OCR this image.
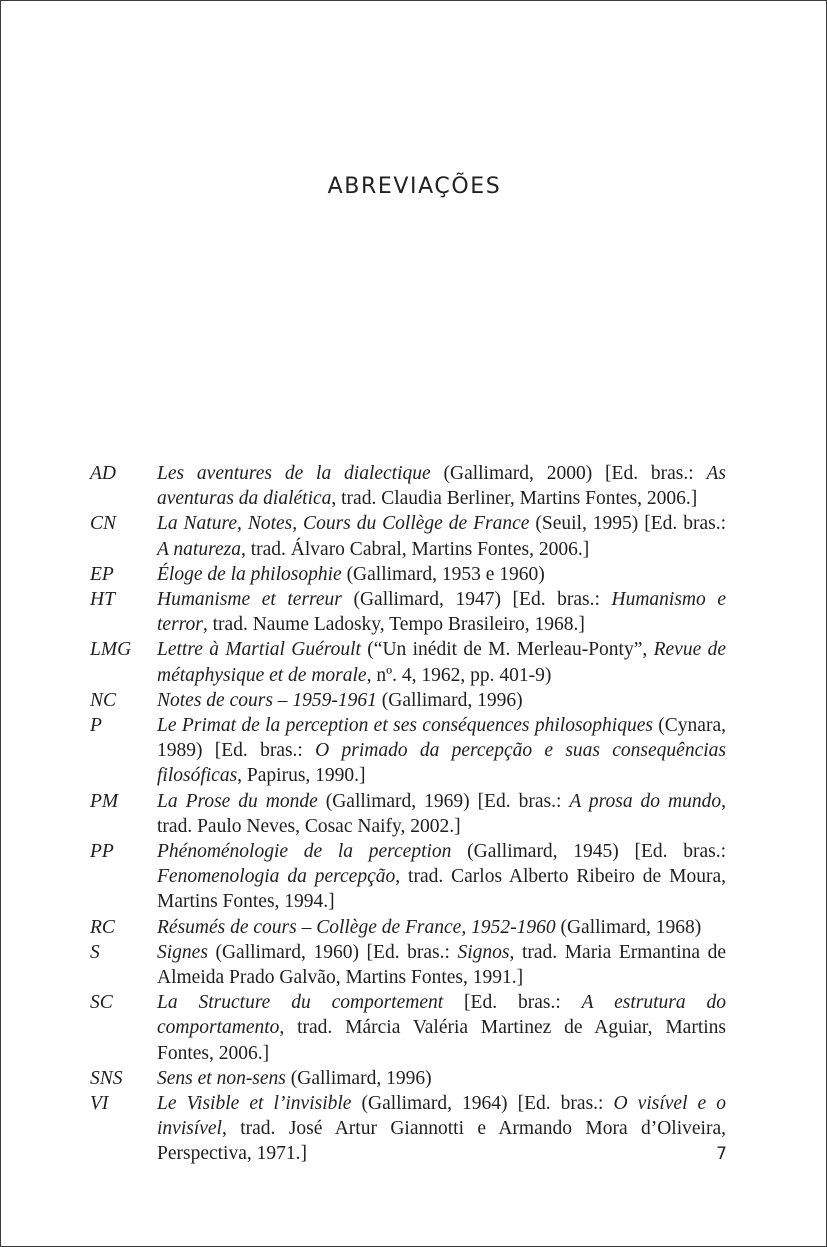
ABREVIAÇÕES
AD	Les aventures de la dialectique (Gallimard, 2000) [Ed. bras.: As aventuras da dialética, trad. Claudia Berliner, Martins Fontes, 2006.]
CN	La Nature, Notes, Cours du Collège de France (Seuil, 1995) [Ed. bras.: A natureza, trad. Álvaro Cabral, Martins Fontes, 2006.]
EP	Éloge de la philosophie (Gallimard, 1953 e 1960)
HT	Humanisme et terreur (Gallimard, 1947) [Ed. bras.: Humanismo e terror, trad. Naume Ladosky, Tempo Brasileiro, 1968.]
LMG	Lettre à Martial Guéroult (“Un inédit de M. Merleau-Ponty”, Revue de métaphysique et de morale, nº. 4, 1962, pp. 401-9)
NC	Notes de cours – 1959-1961 (Gallimard, 1996)
P	Le Primat de la perception et ses conséquences philosophiques (Cynara, 1989) [Ed. bras.: O primado da percepção e suas consequências filosóficas, Papirus, 1990.]
PM	La Prose du monde (Gallimard, 1969) [Ed. bras.: A prosa do mundo, trad. Paulo Neves, Cosac Naify, 2002.]
PP	Phénoménologie de la perception (Gallimard, 1945) [Ed. bras.: Fenomenologia da percepção, trad. Carlos Alberto Ribeiro de Moura, Martins Fontes, 1994.]
RC	Résumés de cours – Collège de France, 1952-1960 (Gallimard, 1968)
S	Signes (Gallimard, 1960) [Ed. bras.: Signos, trad. Maria Ermantina de Almeida Prado Galvão, Martins Fontes, 1991.]
SC	La Structure du comportement [Ed. bras.: A estrutura do comportamento, trad. Márcia Valéria Martinez de Aguiar, Martins Fontes, 2006.]
SNS	Sens et non-sens (Gallimard, 1996)
VI	Le Visible et l’invisible (Gallimard, 1964) [Ed. bras.: O visível e o invisível, trad. José Artur Giannotti e Armando Mora d’Oliveira, Perspectiva, 1971.]	7
